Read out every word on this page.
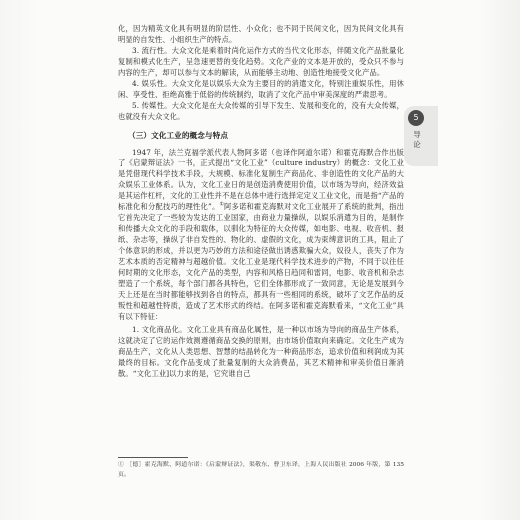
化，因为精英文化具有明显的阶层性、小众化；也不同于民间文化，因为民间文化具有明显的自发性、小组织生产的特点。

3. 流行性。大众文化是乘着时尚化运作方式的当代文化形态，伴随文化产品批量化复制和模式化生产，呈急速更替的变化趋势。文化产业的文本是开放的，受众只不参与内容的生产，却可以参与文本的解读，从而能够主动地、创造性地接受文化产品。

4. 娱乐性。大众文化是以娱乐大众为主要目的的消遣文化，特别注重娱乐性，用休闲、享受性、拒绝高雅于低俗的传统制约，取消了文化产品中审美深度的严肃思考。

5. 传媒性。大众文化是在大众传媒的引导下发生、发展和变化的，没有大众传媒，也就没有大众文化。

（三）文化工业的概念与特点

1947 年，法兰克福学派代表人物阿多诺（也译作阿道尔诺）和霍克海默合作出版了《启蒙辩证法》一书，正式提出“文化工业”（culture industry）的概念：文化工业是凭借现代科学技术手段，大规模、标准化复制生产商品化、非创造性的文化产品的大众娱乐工业体系。认为，文化工业日的是创造消费使用价值，以市场为导向，经济效益是其运作杠杆，文化的工业性并不是在总体中进行选择定定义工业文化，而是指“产品的标准化和分配技巧的理性化”。①阿多诺和霍克海默对文化工业展开了系统的批判，指出它首先决定了一些较为发达的工业国家，由商业力量操纵，以娱乐消遣为目的，是制作和传播大众文化的手段和载体，以驯化为特征的大众传媒，如电影、电视、收音机、报纸、杂志等，操纵了非自发性的、物化的、虚假的文化，成为束缚意识的工具，阻止了个体意识的形成，并以更为巧妙的方法和途径做出诱惑欺骗大众，奴役人，丧失了作为艺术本质的否定精神与超越价值。文化工业是现代科学技术进步的产物，不同于以往任何时期的文化形态，文化产品的类型，内容和风格日趋同和雷同，电影、收音机和杂志塑造了一个系统，每个部门都各具特色，它们全体都形成了一致同意，无论是发展到今天上还是在当时都能够找到各自的特点，都具有一些相同的系统，破坏了文艺作品的反叛性和超越性特质，造成了艺术形式的终结。在阿多诺和霍克海默看来，“文化工业”具有以下特征：

1. 文化商品化。文化工业具有商品化属性，是一种以市场为导向的商品生产体系，这就决定了它的运作效测遵循商品交换的原则，由市场价值取向来确定。文化生产成为商品生产，文化从人类思想、智慧的结晶转化为一种商品形态，追求价值和利润成为其最终的目标。文化作品变成了批量复制的大众消费品，其艺术精神和审美价值日渐消散。“文化工业]以力求的是，它究谁自己

5
导论
① ［德］霍克海默、阿道尔诺：《启蒙辩证法》，渠敬东、曹卫东译，上海人民出版社 2006 年版，第 135 页。
